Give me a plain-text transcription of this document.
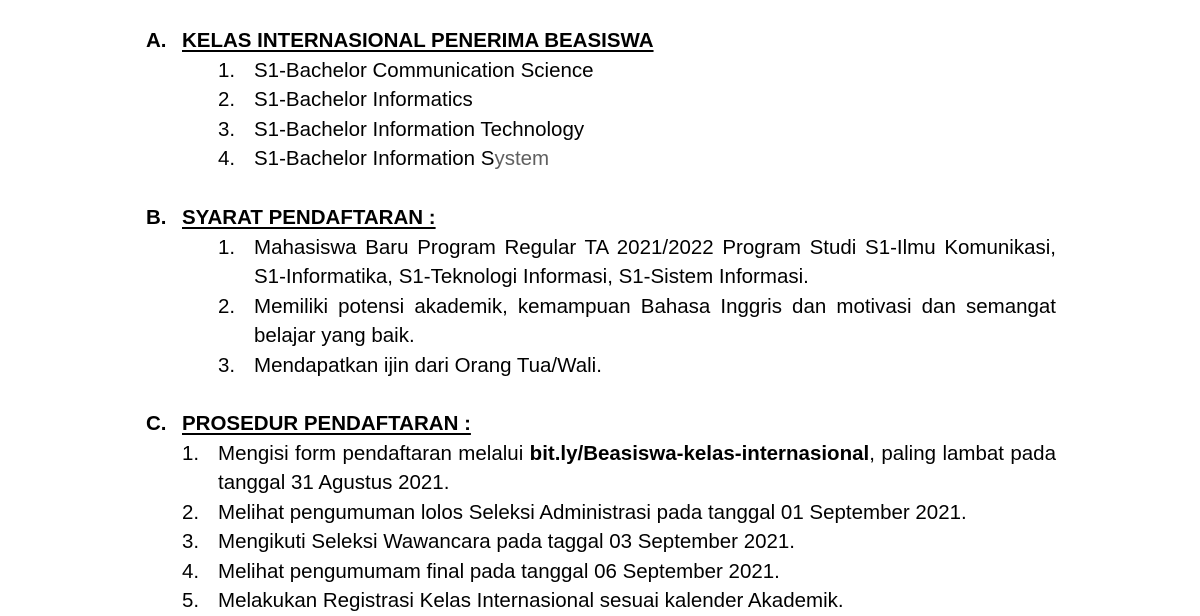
A. KELAS INTERNASIONAL PENERIMA BEASISWA
1. S1-Bachelor Communication Science
2. S1-Bachelor Informatics
3. S1-Bachelor Information Technology
4. S1-Bachelor Information System
B. SYARAT PENDAFTARAN :
1. Mahasiswa Baru Program Regular TA 2021/2022 Program Studi S1-Ilmu Komunikasi, S1-Informatika, S1-Teknologi Informasi, S1-Sistem Informasi.
2. Memiliki potensi akademik, kemampuan Bahasa Inggris dan motivasi dan semangat belajar yang baik.
3. Mendapatkan ijin dari Orang Tua/Wali.
C. PROSEDUR PENDAFTARAN :
1. Mengisi form pendaftaran melalui bit.ly/Beasiswa-kelas-internasional, paling lambat pada tanggal 31 Agustus 2021.
2. Melihat pengumuman lolos Seleksi Administrasi pada tanggal 01 September 2021.
3. Mengikuti Seleksi Wawancara pada taggal 03 September 2021.
4. Melihat pengumumam final pada tanggal 06 September 2021.
5. Melakukan Registrasi Kelas Internasional sesuai kalender Akademik.
